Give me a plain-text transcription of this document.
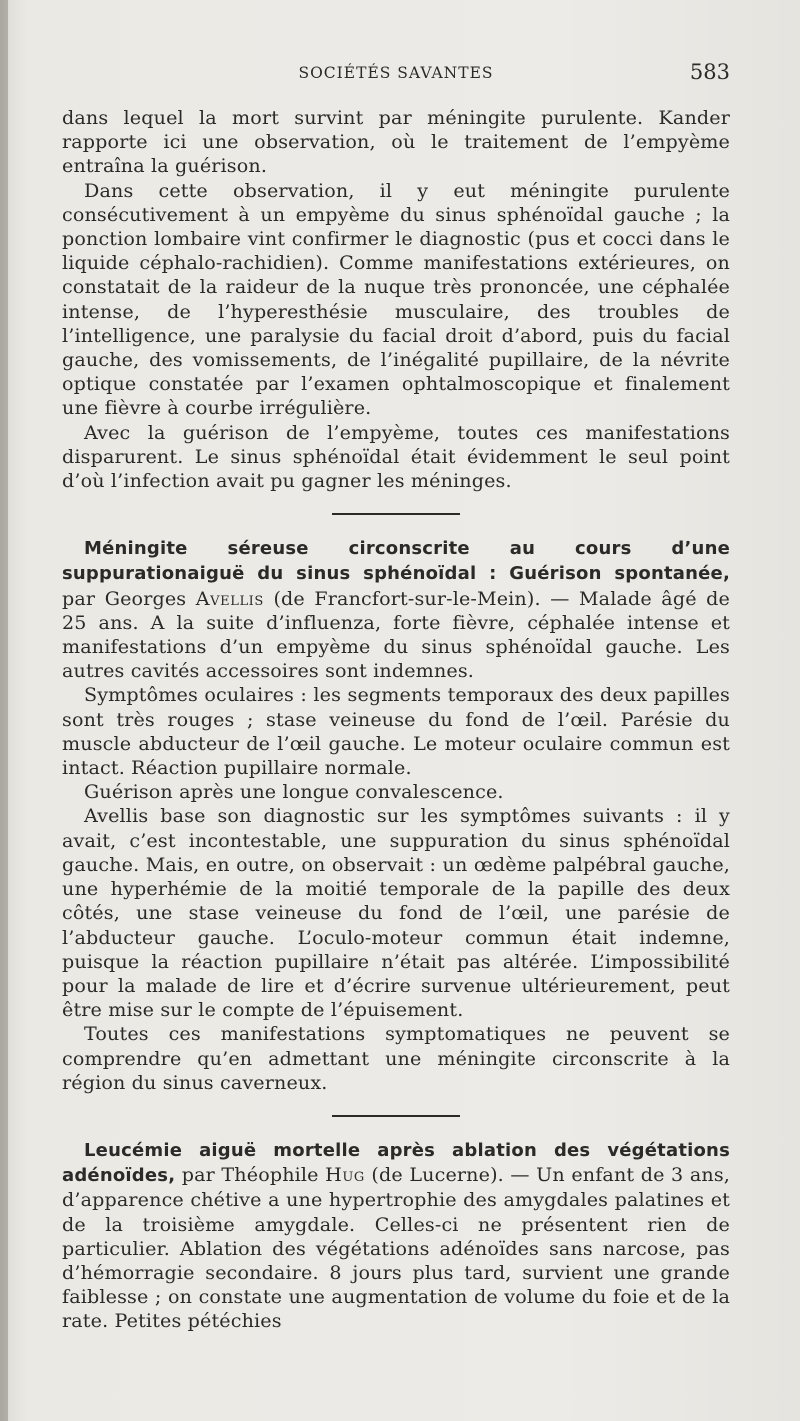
SOCIÉTÉS SAVANTES	583

dans lequel la mort survint par méningite purulente. Kander rapporte ici une observation, où le traitement de l’empyème entraîna la guérison.

Dans cette observation, il y eut méningite purulente consécutivement à un empyème du sinus sphénoïdal gauche ; la ponction lombaire vint confirmer le diagnostic (pus et cocci dans le liquide céphalo-rachidien). Comme manifestations extérieures, on constatait de la raideur de la nuque très prononcée, une céphalée intense, de l’hyperesthésie musculaire, des troubles de l’intelligence, une paralysie du facial droit d’abord, puis du facial gauche, des vomissements, de l’inégalité pupillaire, de la névrite optique constatée par l’examen ophtalmoscopique et finalement une fièvre à courbe irrégulière.

Avec la guérison de l’empyème, toutes ces manifestations disparurent. Le sinus sphénoïdal était évidemment le seul point d’où l’infection avait pu gagner les méninges.

Méningite séreuse circonscrite au cours d’une suppurationaiguë du sinus sphénoïdal : Guérison spontanée, par Georges Avellis (de Francfort-sur-le-Mein). — Malade âgé de 25 ans. A la suite d’influenza, forte fièvre, céphalée intense et manifestations d’un empyème du sinus sphénoïdal gauche. Les autres cavités accessoires sont indemnes.

Symptômes oculaires : les segments temporaux des deux papilles sont très rouges ; stase veineuse du fond de l’œil. Parésie du muscle abducteur de l’œil gauche. Le moteur oculaire commun est intact. Réaction pupillaire normale.

Guérison après une longue convalescence.

Avellis base son diagnostic sur les symptômes suivants : il y avait, c’est incontestable, une suppuration du sinus sphénoïdal gauche. Mais, en outre, on observait : un œdème palpébral gauche, une hyperhémie de la moitié temporale de la papille des deux côtés, une stase veineuse du fond de l’œil, une parésie de l’abducteur gauche. L’oculo-moteur commun était indemne, puisque la réaction pupillaire n’était pas altérée. L’impossibilité pour la malade de lire et d’écrire survenue ultérieurement, peut être mise sur le compte de l’épuisement.

Toutes ces manifestations symptomatiques ne peuvent se comprendre qu’en admettant une méningite circonscrite à la région du sinus caverneux.

Leucémie aiguë mortelle après ablation des végétations adénoïdes, par Théophile Hug (de Lucerne). — Un enfant de 3 ans, d’apparence chétive a une hypertrophie des amygdales palatines et de la troisième amygdale. Celles-ci ne présentent rien de particulier. Ablation des végétations adénoïdes sans narcose, pas d’hémorragie secondaire. 8 jours plus tard, survient une grande faiblesse ; on constate une augmentation de volume du foie et de la rate. Petites pétéchies
